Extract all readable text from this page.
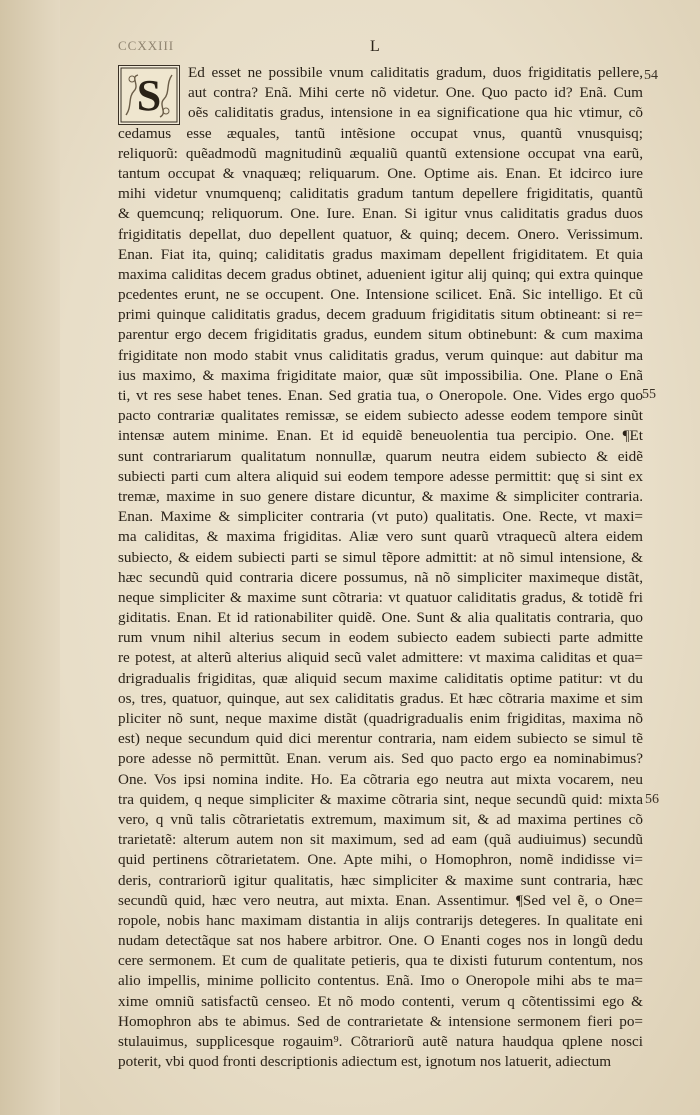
CCXXIII	L
S	Ed esset ne possibile vnum caliditatis gradum, duos frigiditatis pellere,
aut contra? Enã. Mihi certe nõ videtur. One. Quo pacto id? Enã. Cum
oẽs caliditatis gradus, intensione in ea significatione qua hic vtimur, cõ
cedamus esse æquales, tantũ intẽsione occupat vnus, quantũ vnusquisq;
reliquorũ: quẽadmodũ magnitudinũ æqualiũ quantũ extensione occupat vna earũ,
tantum occupat & vnaquæq; reliquarum. One. Optime ais. Enan. Et idcirco iure
mihi videtur vnumquenq; caliditatis gradum tantum depellere frigiditatis, quantũ
& quemcunq; reliquorum. One. Iure. Enan. Si igitur vnus caliditatis gradus duos
frigiditatis depellat, duo depellent quatuor, & quinq; decem. Onero. Verissimum.
Enan. Fiat ita, quinq; caliditatis gradus maximam depellent frigiditatem. Et quia
maxima caliditas decem gradus obtinet, aduenient igitur alij quinq; qui extra quinque
pcedentes erunt, ne se occupent. One. Intensione scilicet. Enã. Sic intelligo. Et cũ
primi quinque caliditatis gradus, decem graduum frigiditatis situm obtineant: si re=
parentur ergo decem frigiditatis gradus, eundem situm obtinebunt: & cum maxima
frigiditate non modo stabit vnus caliditatis gradus, verum quinque: aut dabitur ma
ius maximo, & maxima frigiditate maior, quæ sũt impossibilia. One. Plane o Enã
ti, vt res sese habet tenes. Enan. Sed gratia tua, o Oneropole. One. Vides ergo quo
pacto contrariæ qualitates remissæ, se eidem subiecto adesse eodem tempore sinũt
intensæ autem minime. Enan. Et id equidẽ beneuolentia tua percipio. One. ¶Et
sunt contrariarum qualitatum nonnullæ, quarum neutra eidem subiecto & eidẽ
subiecti parti cum altera aliquid sui eodem tempore adesse permittit: quę si sint ex
tremæ, maxime in suo genere distare dicuntur, & maxime & simpliciter contraria.
Enan. Maxime & simpliciter contraria (vt puto) qualitatis. One. Recte, vt maxi=
ma caliditas, & maxima frigiditas. Aliæ vero sunt quarũ vtraquecũ altera eidem
subiecto, & eidem subiecti parti se simul tẽpore admittit: at nõ simul intensione, &
hæc secundũ quid contraria dicere possumus, nã nõ simpliciter maximeque distãt,
neque simpliciter & maxime sunt cõtraria: vt quatuor caliditatis gradus, & totidẽ fri
giditatis. Enan. Et id rationabiliter quidẽ. One. Sunt & alia qualitatis contraria, quo
rum vnum nihil alterius secum in eodem subiecto eadem subiecti parte admitte
re potest, at alterũ alterius aliquid secũ valet admittere: vt maxima caliditas et qua=
drigradualis frigiditas, quæ aliquid secum maxime caliditatis optime patitur: vt du
os, tres, quatuor, quinque, aut sex caliditatis gradus. Et hæc cõtraria maxime et sim
pliciter nõ sunt, neque maxime distãt (quadrigradualis enim frigiditas, maxima nõ
est) neque secundum quid dici merentur contraria, nam eidem subiecto se simul tẽ
pore adesse nõ permittũt. Enan. verum ais. Sed quo pacto ergo ea nominabimus?
One. Vos ipsi nomina indite. Ho. Ea cõtraria ego neutra aut mixta vocarem, neu
tra quidem, q neque simpliciter & maxime cõtraria sint, neque secundũ quid: mixta
vero, q vnũ talis cõtrarietatis extremum, maximum sit, & ad maxima pertines cõ
trarietatẽ: alterum autem non sit maximum, sed ad eam (quã audiuimus) secundũ
quid pertinens cõtrarietatem. One. Apte mihi, o Homophron, nomẽ indidisse vi=
deris, contrariorũ igitur qualitatis, hæc simpliciter & maxime sunt contraria, hæc
secundũ quid, hæc vero neutra, aut mixta. Enan. Assentimur. ¶Sed vel ẽ, o One=
ropole, nobis hanc maximam distantia in alijs contrarijs detegeres. In qualitate eni
nudam detectãque sat nos habere arbitror. One. O Enanti coges nos in longũ dedu
cere sermonem. Et cum de qualitate petieris, qua te dixisti futurum contentum, nos
alio impellis, minime pollicito contentus. Enã. Imo o Oneropole mihi abs te ma=
xime omniũ satisfactũ censeo. Et nõ modo contenti, verum q cõtentissimi ego &
Homophron abs te abimus. Sed de contrarietate & intensione sermonem fieri po=
stulauimus, supplicesque rogauim⁹. Cõtrariorũ autẽ natura haudqua qplene nosci
poterit, vbi quod fronti descriptionis adiectum est, ignotum nos latuerit, adiectum
54
55
56
